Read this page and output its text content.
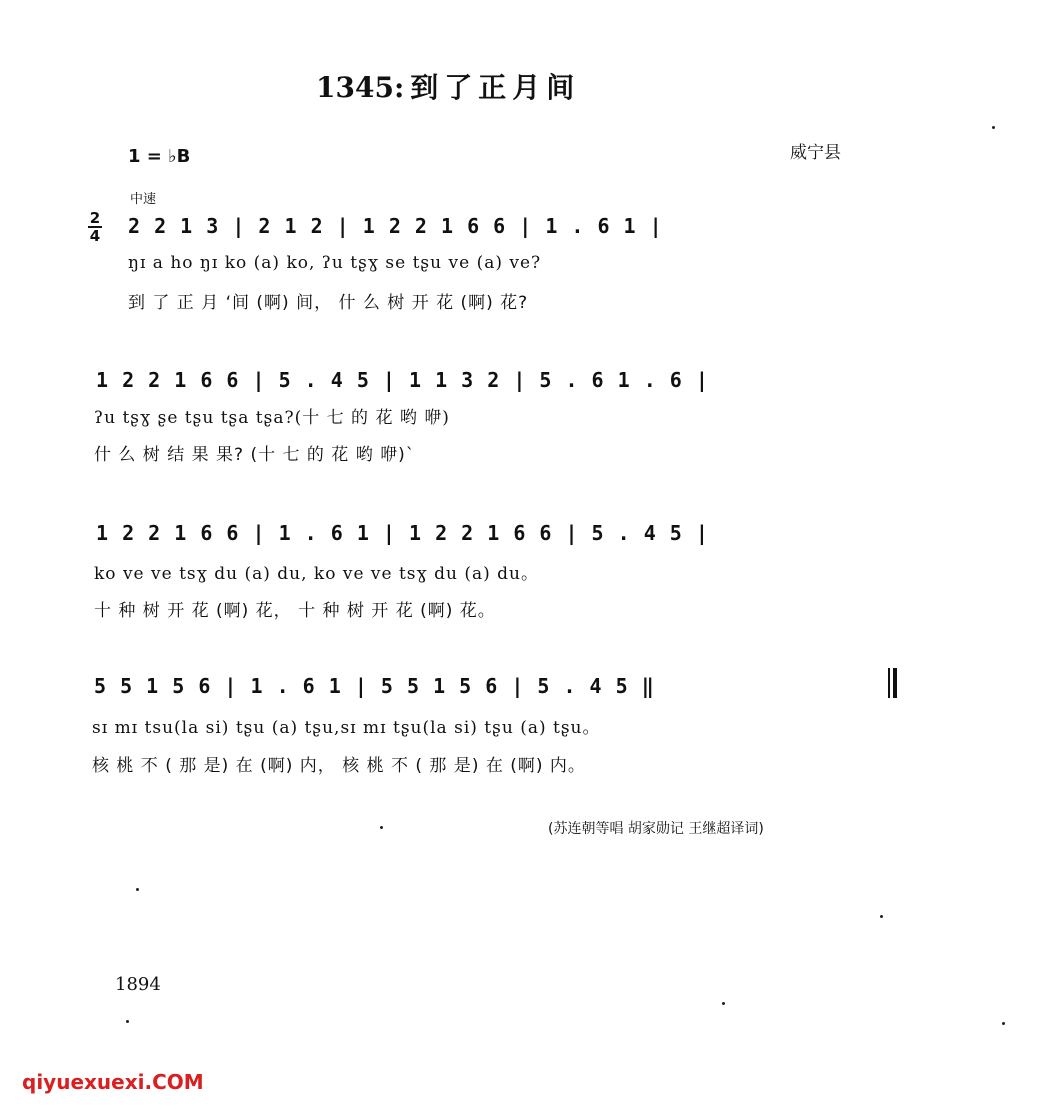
1345:到了正月间
1 = ♭B	威宁县
中速
2
4 2 2 1 3 | 2 1 2 | 1 2 2 1 6 6 | 1 . 6 1 |
ŋɪ a ho ŋɪ ko (a) ko, ʔu tʂɣ se tʂu ve (a) ve?
到 了 正 月 ‘间 (啊) 间， 什 么 树 开 花 (啊) 花?
1 2 2 1 6 6 | 5 . 4 5 | 1 1 3 2 | 5 . 6 1 . 6 |
ʔu tʂɣ ʂe tʂu tʂa tʂa?(十 七 的 花 哟 咿)
什 么 树 结 果 果? (十 七 的 花 哟 咿)`
1 2 2 1 6 6 | 1 . 6 1 | 1 2 2 1 6 6 | 5 . 4 5 |
ko ve ve tsɣ du (a) du, ko ve ve tsɣ du (a) du。
十 种 树 开 花 (啊) 花， 十 种 树 开 花 (啊) 花。
5 5 1 5 6 | 1 . 6 1 | 5 5 1 5 6 | 5 . 4 5 ‖
sɪ mɪ tsu(la si) tʂu (a) tʂu,sɪ mɪ tʂu(la si) tʂu (a) tʂu。
核 桃 不 ( 那 是) 在 (啊) 内， 核 桃 不 ( 那 是) 在 (啊) 内。
(苏连朝等唱 胡家勋记 王继超译词)
1894
qiyuexuexi.COM
